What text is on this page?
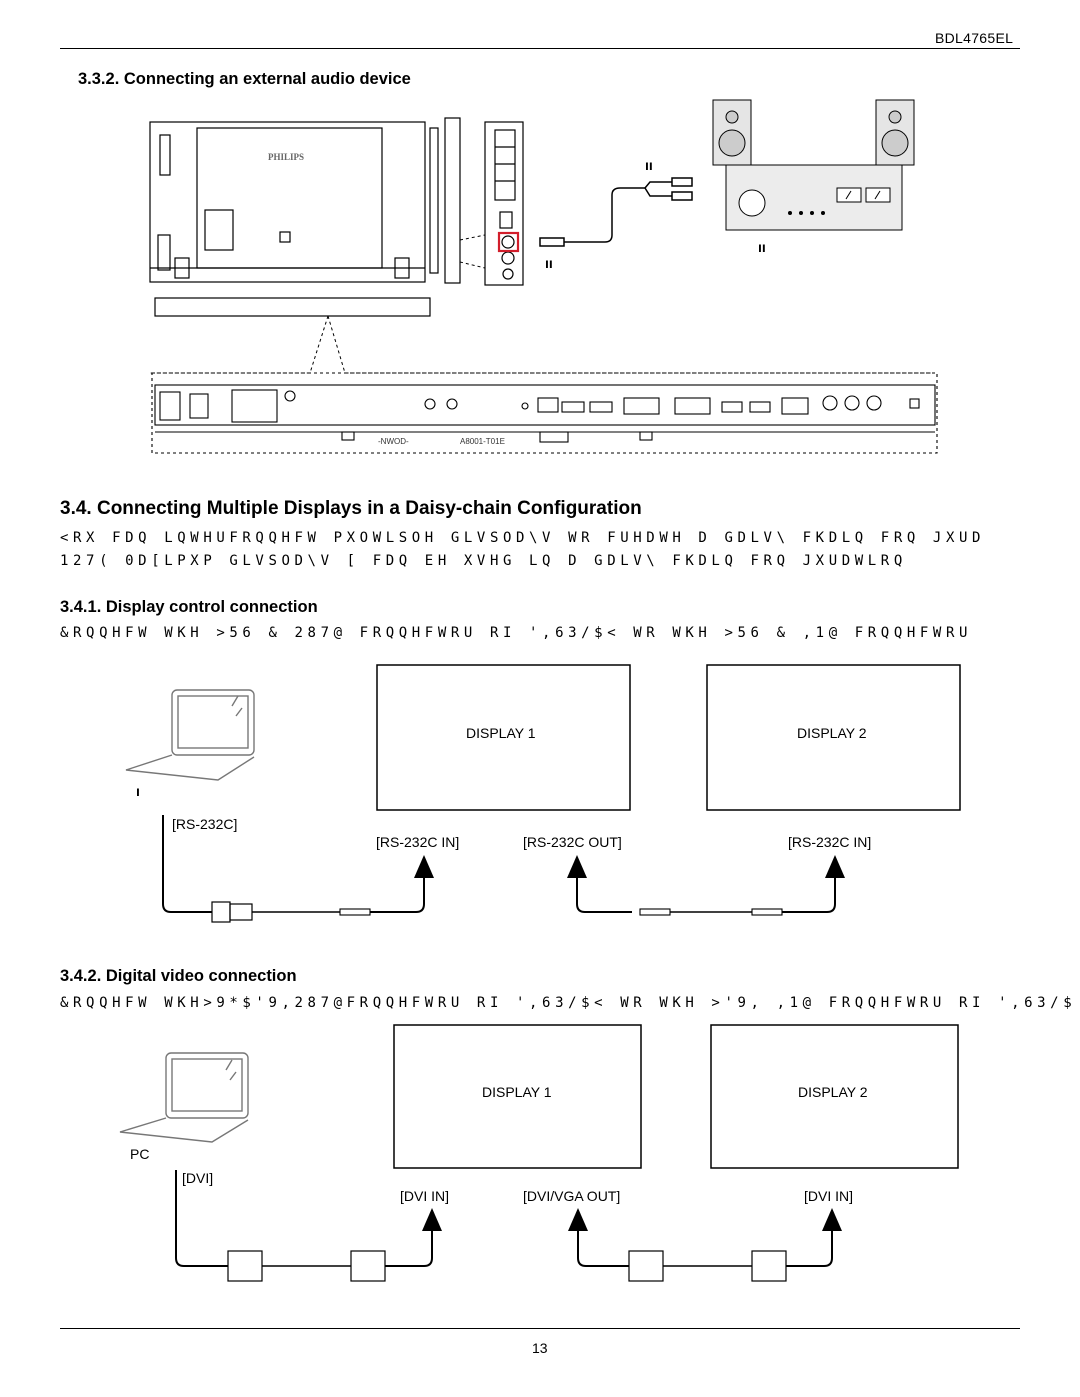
BDL4765EL
3.3.2. Connecting an external audio device
PHILIPS	ıı
ıı
ıı
-NWOD-	A8001-T01E
3.4. Connecting Multiple Displays in a Daisy-chain Configuration
<RX FDQ LQWHUFRQQHFW PXOWLSOH GLVSOD\V WR FUHDWH D GDLV\ FKDLQ FRQ JXUD
127( 0D[LPXP GLVSOD\V [ FDQ EH XVHG LQ D GDLV\ FKDLQ FRQ JXUDWLRQ
3.4.1. Display control connection
&RQQHFW WKH >56 & 287@ FRQQHFWRU RI ',63/$< WR WKH >56 & ,1@ FRQQHFWRU
DISPLAY 1	DISPLAY 2
ı
[RS-232C]
[RS-232C IN]	[RS-232C OUT]	[RS-232C IN]
3.4.2. Digital video connection
&RQQHFW WKH>9*$'9,287@FRQQHFWRU RI ',63/$< WR WKH >'9, ,1@ FRQQHFWRU RI ',63/$
DISPLAY 1	DISPLAY 2
PC
[DVI]
[DVI IN]	[DVI/VGA OUT]	[DVI IN]
13
